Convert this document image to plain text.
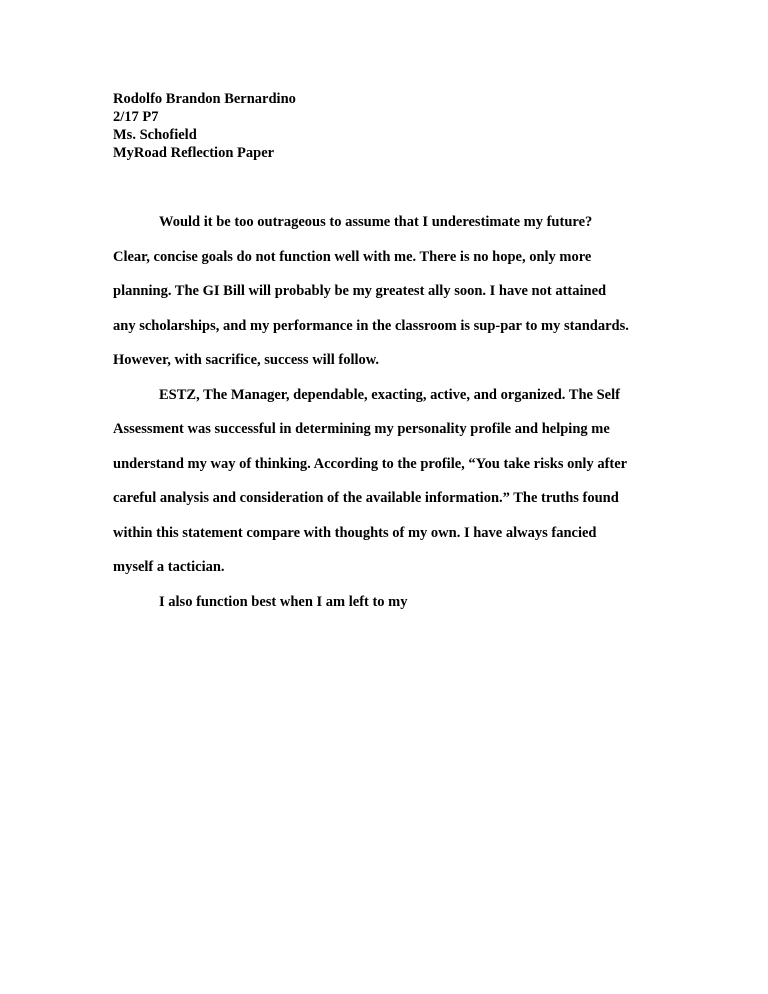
Rodolfo Brandon Bernardino
2/17 P7
Ms. Schofield
MyRoad Reflection Paper
Would it be too outrageous to assume that I underestimate my future?
Clear, concise goals do not function well with me. There is no hope, only more
planning. The GI Bill will probably be my greatest ally soon. I have not attained
any scholarships, and my performance in the classroom is sup-par to my standards.
However, with sacrifice, success will follow.
ESTZ, The Manager, dependable, exacting, active, and organized. The Self
Assessment was successful in determining my personality profile and helping me
understand my way of thinking. According to the profile, “You take risks only after
careful analysis and consideration of the available information.” The truths found
within this statement compare with thoughts of my own. I have always fancied
myself a tactician.
I also function best when I am left to my
